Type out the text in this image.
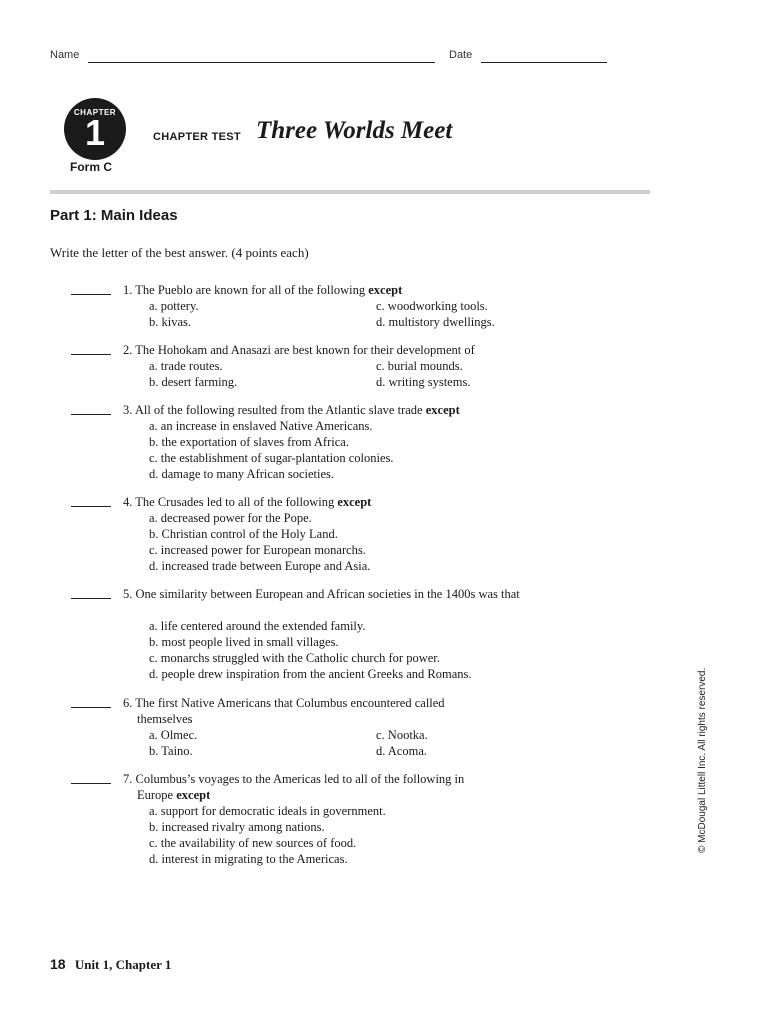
Name	Date
CHAPTER
1
Form C
CHAPTER TEST Three Worlds Meet
Part 1: Main Ideas
Write the letter of the best answer. (4 points each)
1. The Pueblo are known for all of the following except
a. pottery.	c. woodworking tools.
b. kivas.	d. multistory dwellings.
2. The Hohokam and Anasazi are best known for their development of
a. trade routes.	c. burial mounds.
b. desert farming.	d. writing systems.
3. All of the following resulted from the Atlantic slave trade except
a. an increase in enslaved Native Americans.
b. the exportation of slaves from Africa.
c. the establishment of sugar-plantation colonies.
d. damage to many African societies.
4. The Crusades led to all of the following except
a. decreased power for the Pope.
b. Christian control of the Holy Land.
c. increased power for European monarchs.
d. increased trade between Europe and Asia.
5. One similarity between European and African societies in the 1400s was that
a. life centered around the extended family.
b. most people lived in small villages.
c. monarchs struggled with the Catholic church for power.
d. people drew inspiration from the ancient Greeks and Romans.
6. The first Native Americans that Columbus encountered called themselves
a. Olmec.	c. Nootka.
b. Taino.	d. Acoma.
7. Columbus’s voyages to the Americas led to all of the following in Europe except
a. support for democratic ideals in government.
b. increased rivalry among nations.
c. the availability of new sources of food.
d. interest in migrating to the Americas.
© McDougal Littell Inc. All rights reserved.
18 Unit 1, Chapter 1
